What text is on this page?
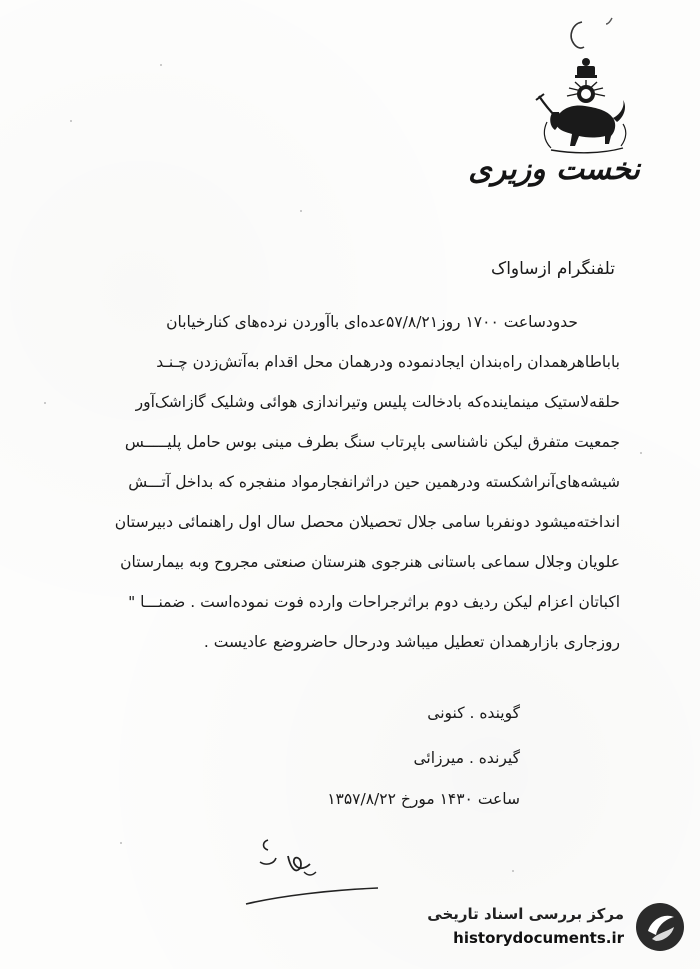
نخست وزیری
تلفنگرام ازساواک
حدودساعت ۱۷۰۰ روز۵۷/۸/۲۱عده‌ای باآوردن نرده‌های کنارخیابان
باباطاهرهمدان راه‌بندان ایجادنموده ودرهمان محل اقدام به‌آتش‌زدن چـنـد
حلقه‌لاستیک مینماینده‌که بادخالت پلیس وتیراندازی هوائی وشلیک گازاشک‌آور
جمعیت متفرق لیکن ناشناسی باپرتاب سنگ بطرف مینی بوس حامل پلیـــــس
شیشه‌های‌آنراشکسته ودرهمین حین دراثرانفجارمواد منفجره که بداخل آتـــش
انداخته‌میشود دونفربا سامی جلال تحصیلان محصل سال اول راهنمائی دبیرستان
علویان وجلال سماعی باستانی هنرجوی هنرستان صنعتی مجروح وبه بیمارستان
اکباتان اعزام لیکن ردیف دوم براثرجراحات وارده فوت نموده‌است . ضمنـــا "
روزجاری بازارهمدان تعطیل میباشد ودرحال حاضروضع عادیست .
گوینده . کنونی
گیرنده . میرزائی
ساعت ۱۴۳۰ مورخ ۱۳۵۷/۸/۲۲
مرکز بررسی اسناد تاریخی
historydocuments.ir
